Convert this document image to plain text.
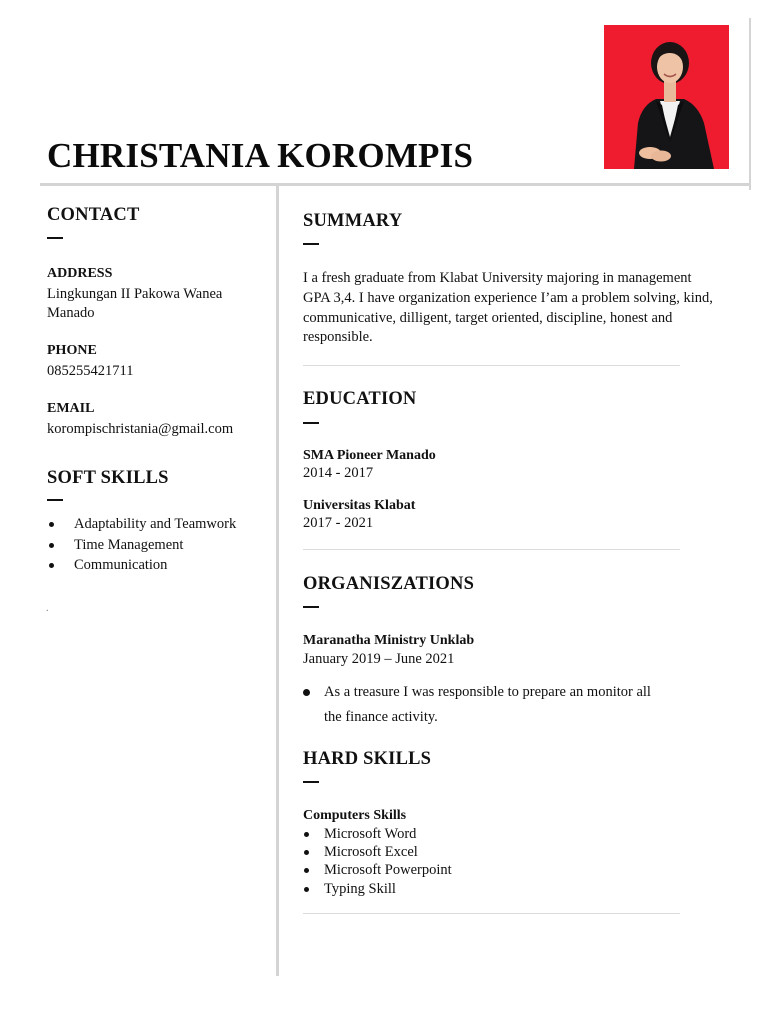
CHRISTANIA KOROMPIS
CONTACT
ADDRESS
Lingkungan II Pakowa Wanea
Manado
PHONE
085255421711
EMAIL
korompischristania@gmail.com
SOFT SKILLS
Adaptability and Teamwork
Time Management
Communication
.
SUMMARY
I a fresh graduate from Klabat University majoring in management
GPA 3,4. I have organization experience I’am a problem solving, kind,
communicative, dilligent, target oriented, discipline, honest and
responsible.
EDUCATION
SMA Pioneer Manado
2014 - 2017
Universitas Klabat
2017 - 2021
ORGANISZATIONS
Maranatha Ministry Unklab
January 2019 – June 2021
As a treasure I was responsible to prepare an monitor all
the finance activity.
HARD SKILLS
Computers Skills
Microsoft Word
Microsoft Excel
Microsoft Powerpoint
Typing Skill
